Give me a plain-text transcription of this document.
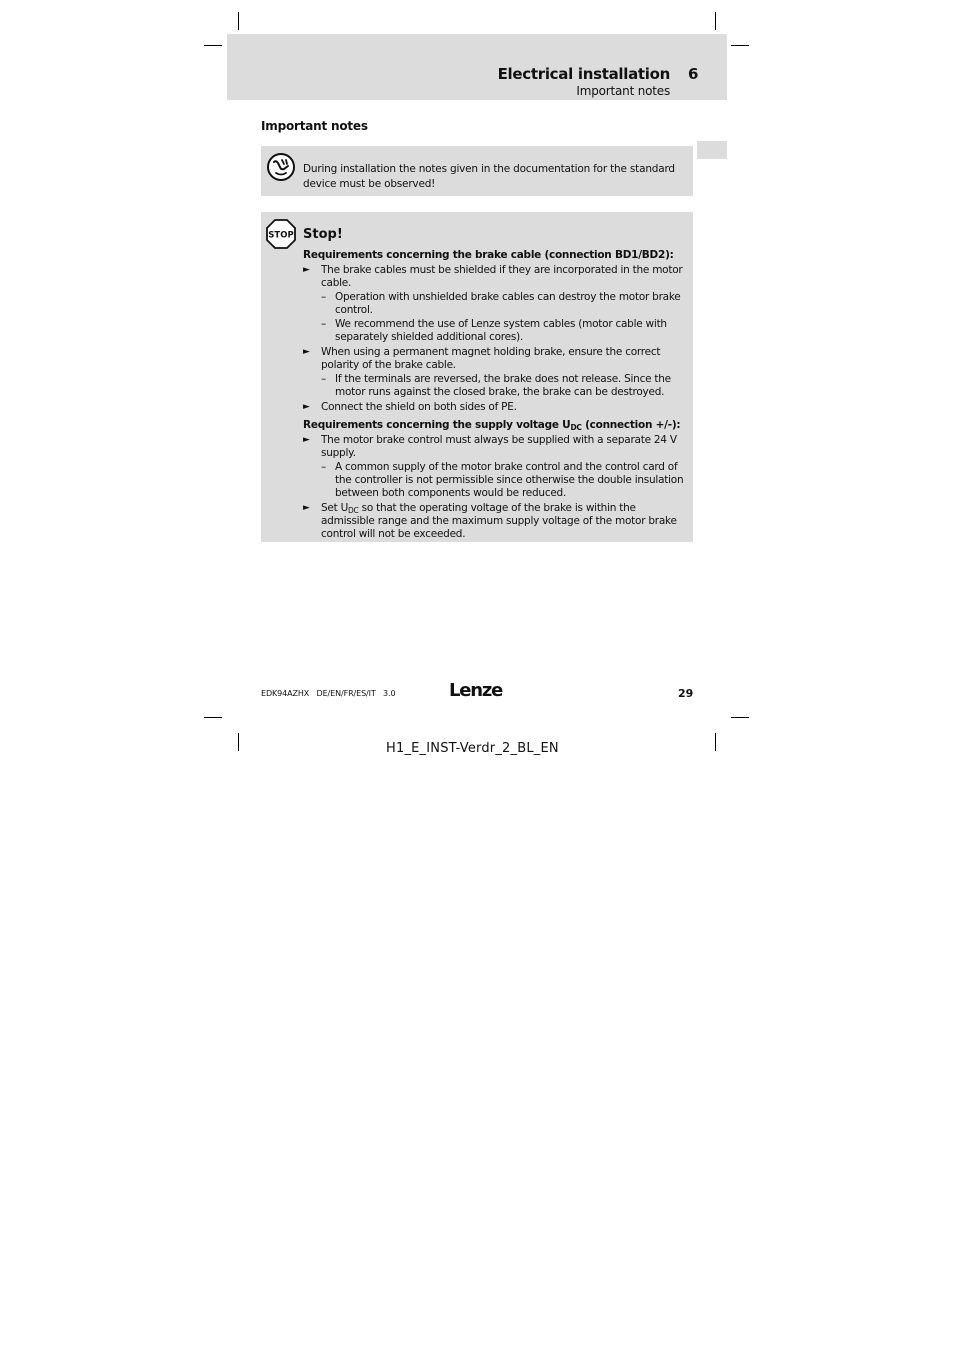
Electrical installation 6
Important notes
Important notes
During installation the notes given in the documentation for the standard device must be observed!
STOP Stop!
Requirements concerning the brake cable (connection BD1/BD2):
► The brake cables must be shielded if they are incorporated in the motor cable.
– Operation with unshielded brake cables can destroy the motor brake control.
– We recommend the use of Lenze system cables (motor cable with separately shielded additional cores).
► When using a permanent magnet holding brake, ensure the correct polarity of the brake cable.
– If the terminals are reversed, the brake does not release. Since the motor runs against the closed brake, the brake can be destroyed.
► Connect the shield on both sides of PE.
Requirements concerning the supply voltage $U_{DC}$ (connection +/-):
► The motor brake control must always be supplied with a separate 24 V supply.
– A common supply of the motor brake control and the control card of the controller is not permissible since otherwise the double insulation between both components would be reduced.
► Set $U_{DC}$ so that the operating voltage of the brake is within the admissible range and the maximum supply voltage of the motor brake control will not be exceeded.
EDK94AZHX   DE/EN/FR/ES/IT   3.0	Lenze	29
H1_E_INST-Verdr_2_BL_EN
